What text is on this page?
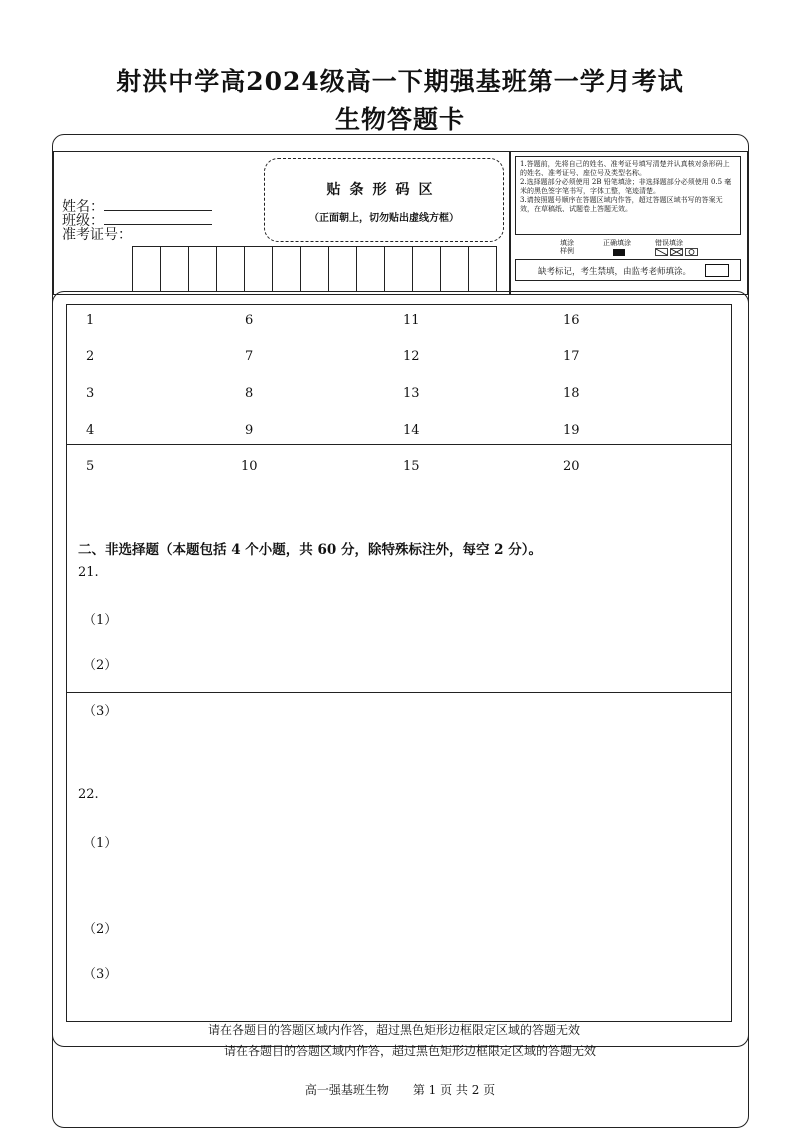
射洪中学高2024级高一下期强基班第一学月考试
生物答题卡
姓名：
班级：
准考证号：
贴条形码区
（正面朝上，切勿贴出虚线方框）

1.答题前，先将自己的姓名、准考证号填写清楚并认真核对条形码上的姓名、准考证号、座位号及类型名称。

2.选择题部分必须使用 2B 铅笔填涂；非选择题部分必须使用 0.5 毫米的黑色签字笔书写，字体工整，笔迹清楚。

3.请按照题号顺序在答题区域内作答，超过答题区域书写的答案无效，在草稿纸、试题卷上答题无效。

填涂样例
正确填涂	错误填涂
缺考标记，考生禁填，由监考老师填涂。
1
2
3
4
5
6
7
8
9
10
11
12
13
14
15
16
17
18
19
20
二、非选择题（本题包括 4 个小题，共 60 分，除特殊标注外，每空 2 分）。
21.
（1）
（2）
（3）
22.
（1）
（2）
（3）
请在各题目的答题区域内作答，超过黑色矩形边框限定区域的答题无效
请在各题目的答题区域内作答，超过黑色矩形边框限定区域的答题无效
高一强基班生物　　第 1 页 共 2 页
